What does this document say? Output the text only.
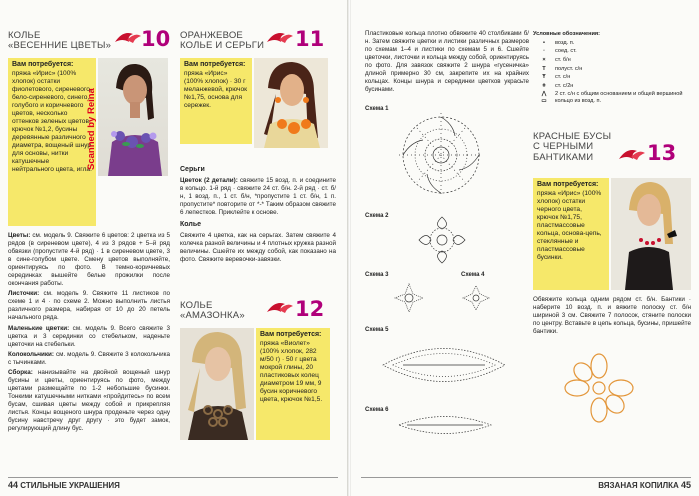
КОЛЬЕ
«ВЕСЕННИЕ ЦВЕТЫ»	10
Вам потребуется:
пряжа «Ирис» (100% хлопок) остатки фиолетового, сиреневого, бело-сиреневого, синего, голубого и коричневого цветов, несколько оттенков зеленых цветов, крючок №1,2, бусины деревянные различного диаметра, вощеный шнур для основы, нитки катушечные нейтрального цвета, игла.
Scanned by Reina

Цветы: см. модель 9. Свяжите 6 цветов: 2 цветка из 5 рядов (в сиреневом цвете), 4 из 3 рядов + 5–й ряд обвязки (пропустите 4-й ряд) · 1 в сиреневом цвете, 3 в сине-голубом цвете. Смену цветов выполняйте, ориентируясь по фото. В темно-коричневых серединках вышейте белые прожилки после окончания работы.

Листочки: см. модель 9. Свяжите 11 листиков по схеме 1 и 4 · по схеме 2. Можно выполнить листья различного размера, набирая от 10 до 20 петель начального ряда.

Маленькие цветки: см. модель 9. Всего свяжите 3 цветка и 3 серединки со стебельком, наденьте цветочки на стебельки.

Колокольчики: см. модель 9. Свяжите 3 колокольчика с тычинками.

Сборка: нанизывайте на двойной вощеный шнур бусины и цветы, ориентируясь по фото, между цветами размещайте по 1-2 небольшие бусинки. Тонкими катушечными нитками «пройдитесь» по всем бусам, сшивая цветы между собой и прикрепляя листья. Концы вощеного шнура проденьте через одну бусину навстречу друг другу · это будет замок, регулирующий длину бус.

ОРАНЖЕВОЕ
КОЛЬЕ И СЕРЬГИ	11
Вам потребуется:
пряжа «Ирис» (100% хлопок) · 30 г меланжевой, крючок №1,75, основа для сережек.
Серьги

Цветок (2 детали): свяжите 15 возд. п. и соедините в кольцо. 1-й ряд · свяжите 24 ст. б/н. 2-й ряд · ст. б/н, 1 возд. п., 1 ст. б/н, *пропустите 1 ст. б/н, 1 п. пропустите* повторите от *-* Таким образом свяжите 6 лепестков. Приклейте к основе.

Колье

Свяжите 4 цветка, как на серьгах. Затем свяжите 4 колечка разной величины и 4 плотных кружка разной величины. Сшейте их между собой, как показано на фото. Свяжите веревочки-завязки.

КОЛЬЕ
«АМАЗОНКА»	12
Вам потребуется:
пряжа «Виолет» (100% хлопок, 282 м/50 г) · 50 г цвета мокрой глины, 20 пластиковых колец диаметром 19 мм, 9 бусин коричневого цвета, крючок №1,5.
44 СТИЛЬНЫЕ УКРАШЕНИЯ

Пластиковые кольца плотно обвяжите 40 столбиками б/н. Затем свяжите цветки и листики различных размеров по схемам 1–4 и листики по схемам 5 и 6. Сшейте цветочки, листочки и кольца между собой, ориентируясь по фото. Для завязок свяжите 2 шнура «гусеничка» длиной примерно 30 см, закрепите их на крайних кольцах. Концы шнура и серединки цветков украсьте бусинами.

Условные обозначения:
• возд. п.
◦ соед. ст.
× ст. б/н
T полуст. с/н
Ŧ ст. с/н
ǂ ст. с/2н
⋀ 2 ст. с/н с общим основанием и общей вершиной
▭ кольцо из возд. п.
Схема 1
Схема 2
Схема 3	Схема 4
Схема 5
Схема 6
КРАСНЫЕ БУСЫ
С ЧЕРНЫМИ
БАНТИКАМИ	13
Вам потребуется:
пряжа «Ирис» (100% хлопок) остатки черного цвета, крючок №1,75, пластмассовые кольца, основа-цепь, стеклянные и пластмассовые бусинки.

Обвяжите кольца одним рядом ст. б/н. Бантики · наберите 10 возд. п. и вяжите полоску ст. б/н шириной 3 см. Свяжите 7 полосок, стяните полоски по центру. Вставьте в цепь кольца, бусины, пришейте бантики.

ВЯЗАНАЯ КОПИЛКА 45
